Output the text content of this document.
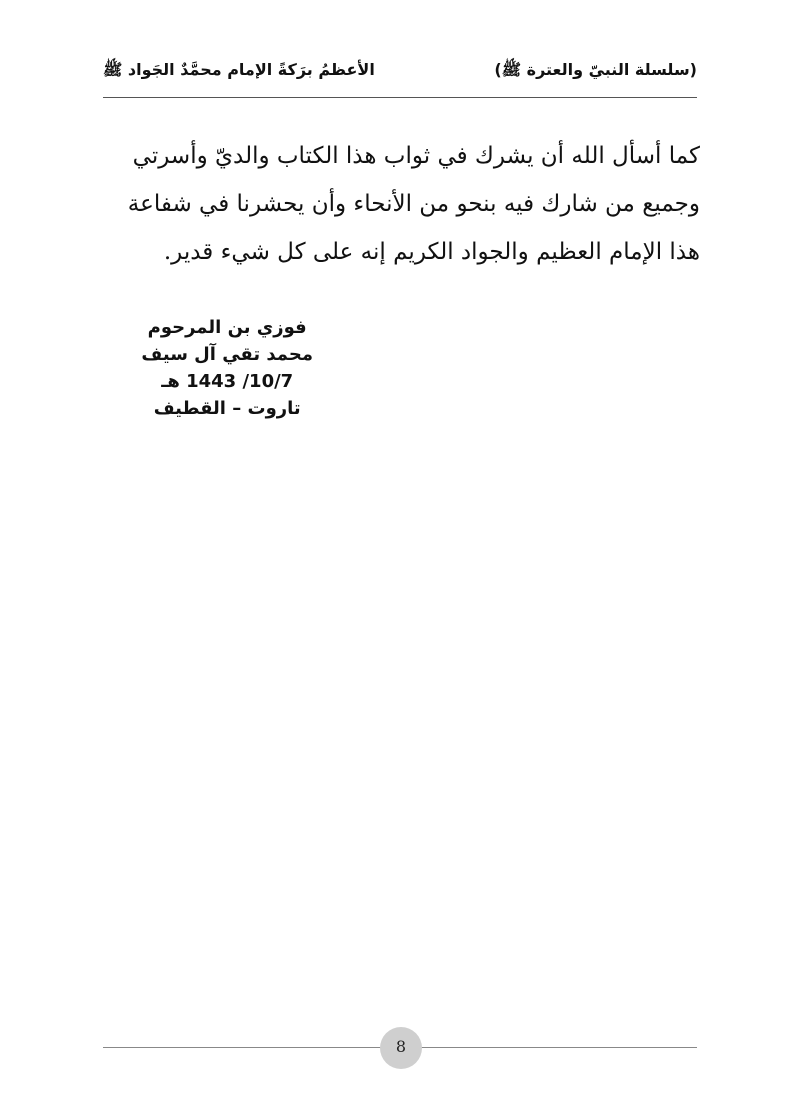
(سلسلة النبيّ والعترة ﷺ)
الأعظمُ برَكةً الإمام محمَّدٌ الجَواد ﷺ
كما أسأل الله أن يشرك في ثواب هذا الكتاب والديّ وأسرتي
وجميع من شارك فيه بنحو من الأنحاء وأن يحشرنا في شفاعة
هذا الإمام العظيم والجواد الكريم إنه على كل شيء قدير.
فوزي بن المرحوم
محمد تقي آل سيف
10/7/ 1443 هـ
تاروت – القطيف
8
